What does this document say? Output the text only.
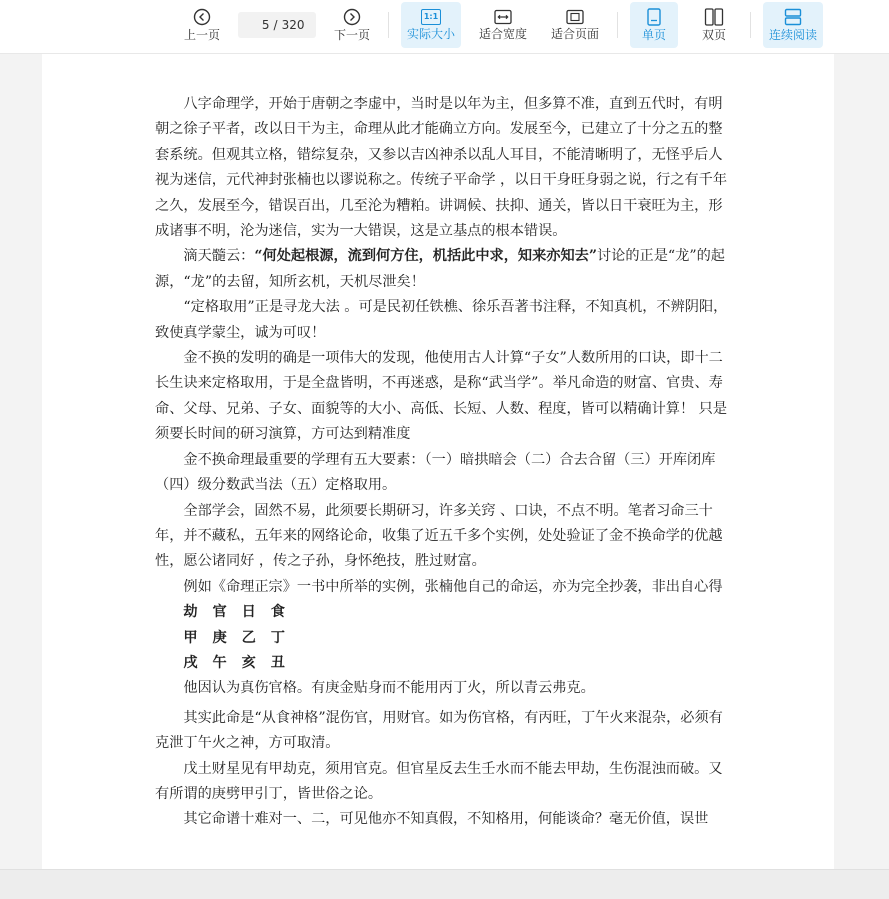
上一页
5
/ 320
下一页
1:1
实际大小 适合宽度 适合页面	单页	双页	连续阅读

八字命理学，开始于唐朝之李虚中，当时是以年为主，但多算不准，直到五代时，有明朝之徐子平者，改以日干为主，命理从此才能确立方向。发展至今，已建立了十分之五的整套系统。但观其立格，错综复杂，又参以吉凶神杀以乱人耳目，不能清晰明了，无怪乎后人视为迷信，元代神封张楠也以谬说称之。传统子平命学 ，以日干身旺身弱之说，行之有千年之久，发展至今，错误百出，几至沦为糟粕。讲调候、扶抑、通关，皆以日干衰旺为主，形成诸事不明，沦为迷信，实为一大错误，这是立基点的根本错误。

滴天髓云：“何处起根源，流到何方住，机括此中求，知来亦知去”讨论的正是“龙”的起源，“龙”的去留，知所玄机，天机尽泄矣！

“定格取用”正是寻龙大法 。可是民初任铁樵、徐乐吾著书注释，不知真机，不辨阴阳，致使真学蒙尘，诚为可叹！

金不换的发明的确是一项伟大的发现，他使用古人计算“子女”人数所用的口诀，即十二长生诀来定格取用，于是全盘皆明，不再迷惑，是称“武当学”。举凡命造的财富、官贵、寿命、父母、兄弟、子女、面貌等的大小、高低、长短、人数、程度，皆可以精确计算！ 只是须要长时间的研习演算，方可达到精准度

金不换命理最重要的学理有五大要素：（一）暗拱暗会（二）合去合留（三）开库闭库（四）级分数武当法（五）定格取用。

全部学会，固然不易，此须要长期研习，许多关窍 、口诀，不点不明。笔者习命三十年，并不藏私，五年来的网络论命，收集了近五千多个实例，处处验证了金不换命学的优越性，愿公诸同好 ，传之子孙，身怀绝技，胜过财富。

例如《命理正宗》一书中所举的实例，张楠他自己的命运，亦为完全抄袭，非出自心得

劫 官 日 食
甲 庚 乙 丁
戌 午 亥 丑

他因认为真伤官格。有庚金贴身而不能用丙丁火，所以青云弗克。

其实此命是“从食神格”混伤官，用财官。如为伤官格，有丙旺，丁午火来混杂，必须有克泄丁午火之神，方可取清。

戊土财星见有甲劫克，须用官克。但官星反去生壬水而不能去甲劫，生伤混浊而破。又有所谓的庚劈甲引丁，皆世俗之论。

其它命谱十难对一、二，可见他亦不知真假，不知格用，何能谈命？毫无价值，误世
